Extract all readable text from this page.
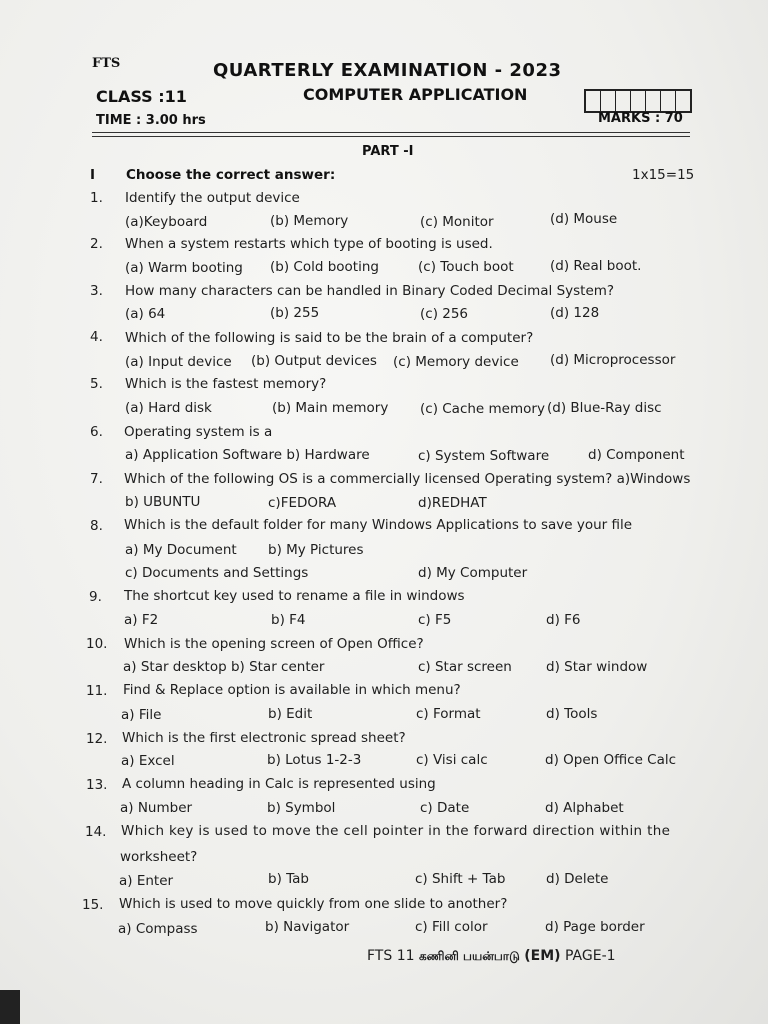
FTS	QUARTERLY EXAMINATION - 2023
CLASS :11	COMPUTER APPLICATION
TIME : 3.00 hrs	MARKS : 70
PART -I
I Choose the correct answer:	1x15=15
1. Identify the output device
(a)Keyboard	(b) Memory	(c) Monitor	(d) Mouse
2. When a system restarts which type of booting is used.
(a) Warm booting (b) Cold booting	(c) Touch boot	(d) Real boot.
3. How many characters can be handled in Binary Coded Decimal System?
(a) 64	(b) 255	(c) 256	(d) 128
4. Which of the following is said to be the brain of a computer?
(a) Input device (b) Output devices (c) Memory device (d) Microprocessor
5. Which is the fastest memory?
(a) Hard disk	(b) Main memory (c) Cache memory (d) Blue-Ray disc
6. Operating system is a
a) Application Software b) Hardware	c) System Software	d) Component
7. Which of the following OS is a commercially licensed Operating system? a)Windows
b) UBUNTU	c)FEDORA	d)REDHAT
8. Which is the default folder for many Windows Applications to save your file
a) My Document b) My Pictures
c) Documents and Settings	d) My Computer
9. The shortcut key used to rename a file in windows
a) F2	b) F4	c) F5	d) F6
10. Which is the opening screen of Open Office?
a) Star desktop b) Star center	c) Star screen	d) Star window
11. Find & Replace option is available in which menu?
a) File	b) Edit	c) Format	d) Tools
12. Which is the first electronic spread sheet?
a) Excel	b) Lotus 1-2-3	c) Visi calc	d) Open Office Calc
13. A column heading in Calc is represented using
a) Number	b) Symbol	c) Date	d) Alphabet
14. Which key is used to move the cell pointer in the forward direction within the
worksheet?
a) Enter	b) Tab	c) Shift + Tab	d) Delete
15. Which is used to move quickly from one slide to another?
a) Compass	b) Navigator	c) Fill color	d) Page border
FTS 11 கணினி பயன்பாடு (EM) PAGE-1
